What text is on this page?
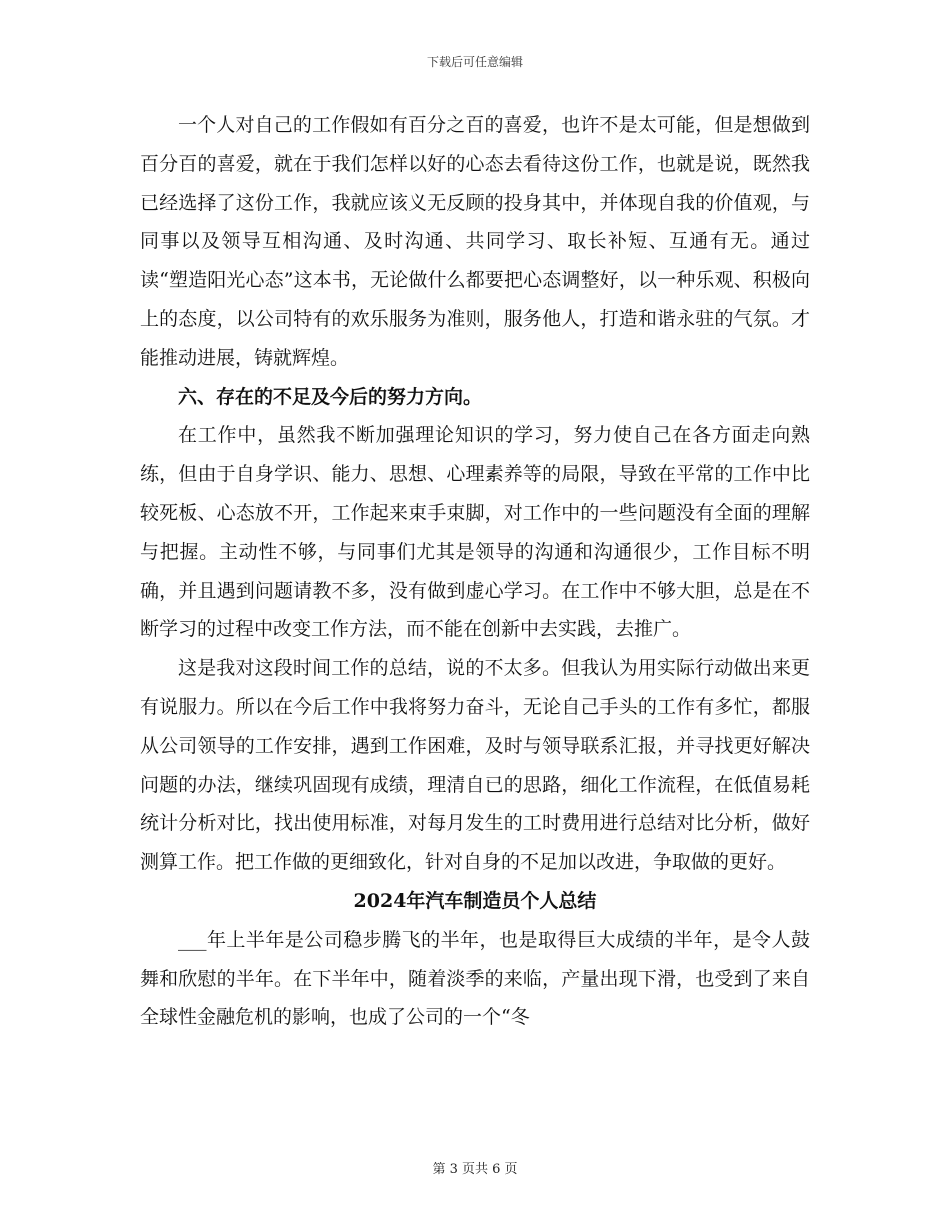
下载后可任意编辑

一个人对自己的工作假如有百分之百的喜爱，也许不是太可能，但是想做到百分百的喜爱，就在于我们怎样以好的心态去看待这份工作，也就是说，既然我已经选择了这份工作，我就应该义无反顾的投身其中，并体现自我的价值观，与同事以及领导互相沟通、及时沟通、共同学习、取长补短、互通有无。通过读“塑造阳光心态”这本书，无论做什么都要把心态调整好，以一种乐观、积极向上的态度，以公司特有的欢乐服务为准则，服务他人，打造和谐永驻的气氛。才能推动进展，铸就辉煌。

六、存在的不足及今后的努力方向。

在工作中，虽然我不断加强理论知识的学习，努力使自己在各方面走向熟练，但由于自身学识、能力、思想、心理素养等的局限，导致在平常的工作中比较死板、心态放不开，工作起来束手束脚，对工作中的一些问题没有全面的理解与把握。主动性不够，与同事们尤其是领导的沟通和沟通很少，工作目标不明确，并且遇到问题请教不多，没有做到虚心学习。在工作中不够大胆，总是在不断学习的过程中改变工作方法，而不能在创新中去实践，去推广。

这是我对这段时间工作的总结，说的不太多。但我认为用实际行动做出来更有说服力。所以在今后工作中我将努力奋斗，无论自己手头的工作有多忙，都服从公司领导的工作安排，遇到工作困难，及时与领导联系汇报，并寻找更好解决问题的办法，继续巩固现有成绩，理清自已的思路，细化工作流程，在低值易耗统计分析对比，找出使用标准，对每月发生的工时费用进行总结对比分析，做好测算工作。把工作做的更细致化，针对自身的不足加以改进，争取做的更好。

2024年汽车制造员个人总结

___年上半年是公司稳步腾飞的半年，也是取得巨大成绩的半年，是令人鼓舞和欣慰的半年。在下半年中，随着淡季的来临，产量出现下滑，也受到了来自全球性金融危机的影响，也成了公司的一个“冬

第 3 页共 6 页
